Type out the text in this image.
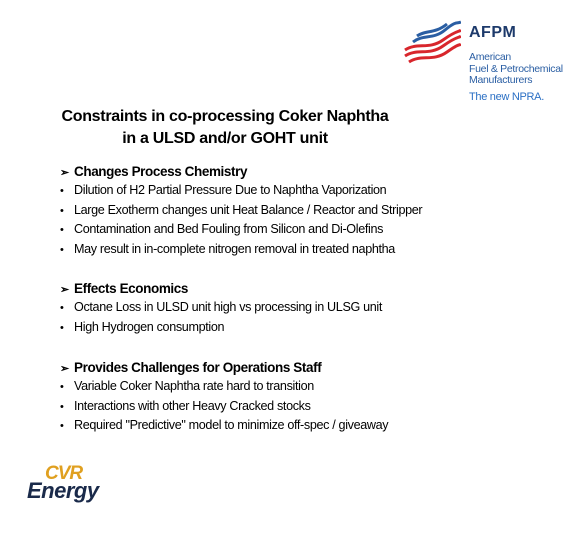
AFPM
American
Fuel & Petrochemical
Manufacturers
The new NPRA.
Constraints in co-processing Coker Naphtha
in a ULSD and/or GOHT unit
➢ Changes Process Chemistry
• Dilution of H2 Partial Pressure Due to Naphtha Vaporization
• Large Exotherm changes unit Heat Balance / Reactor and Stripper
• Contamination and Bed Fouling from Silicon and Di-Olefins
• May result in in-complete nitrogen removal in treated naphtha
➢ Effects Economics
• Octane Loss in ULSD unit high vs processing in ULSG unit
• High Hydrogen consumption
➢ Provides Challenges for Operations Staff
• Variable Coker Naphtha rate hard to transition
• Interactions with other Heavy Cracked stocks
• Required "Predictive" model to minimize off-spec / giveaway
CVR
Energy
